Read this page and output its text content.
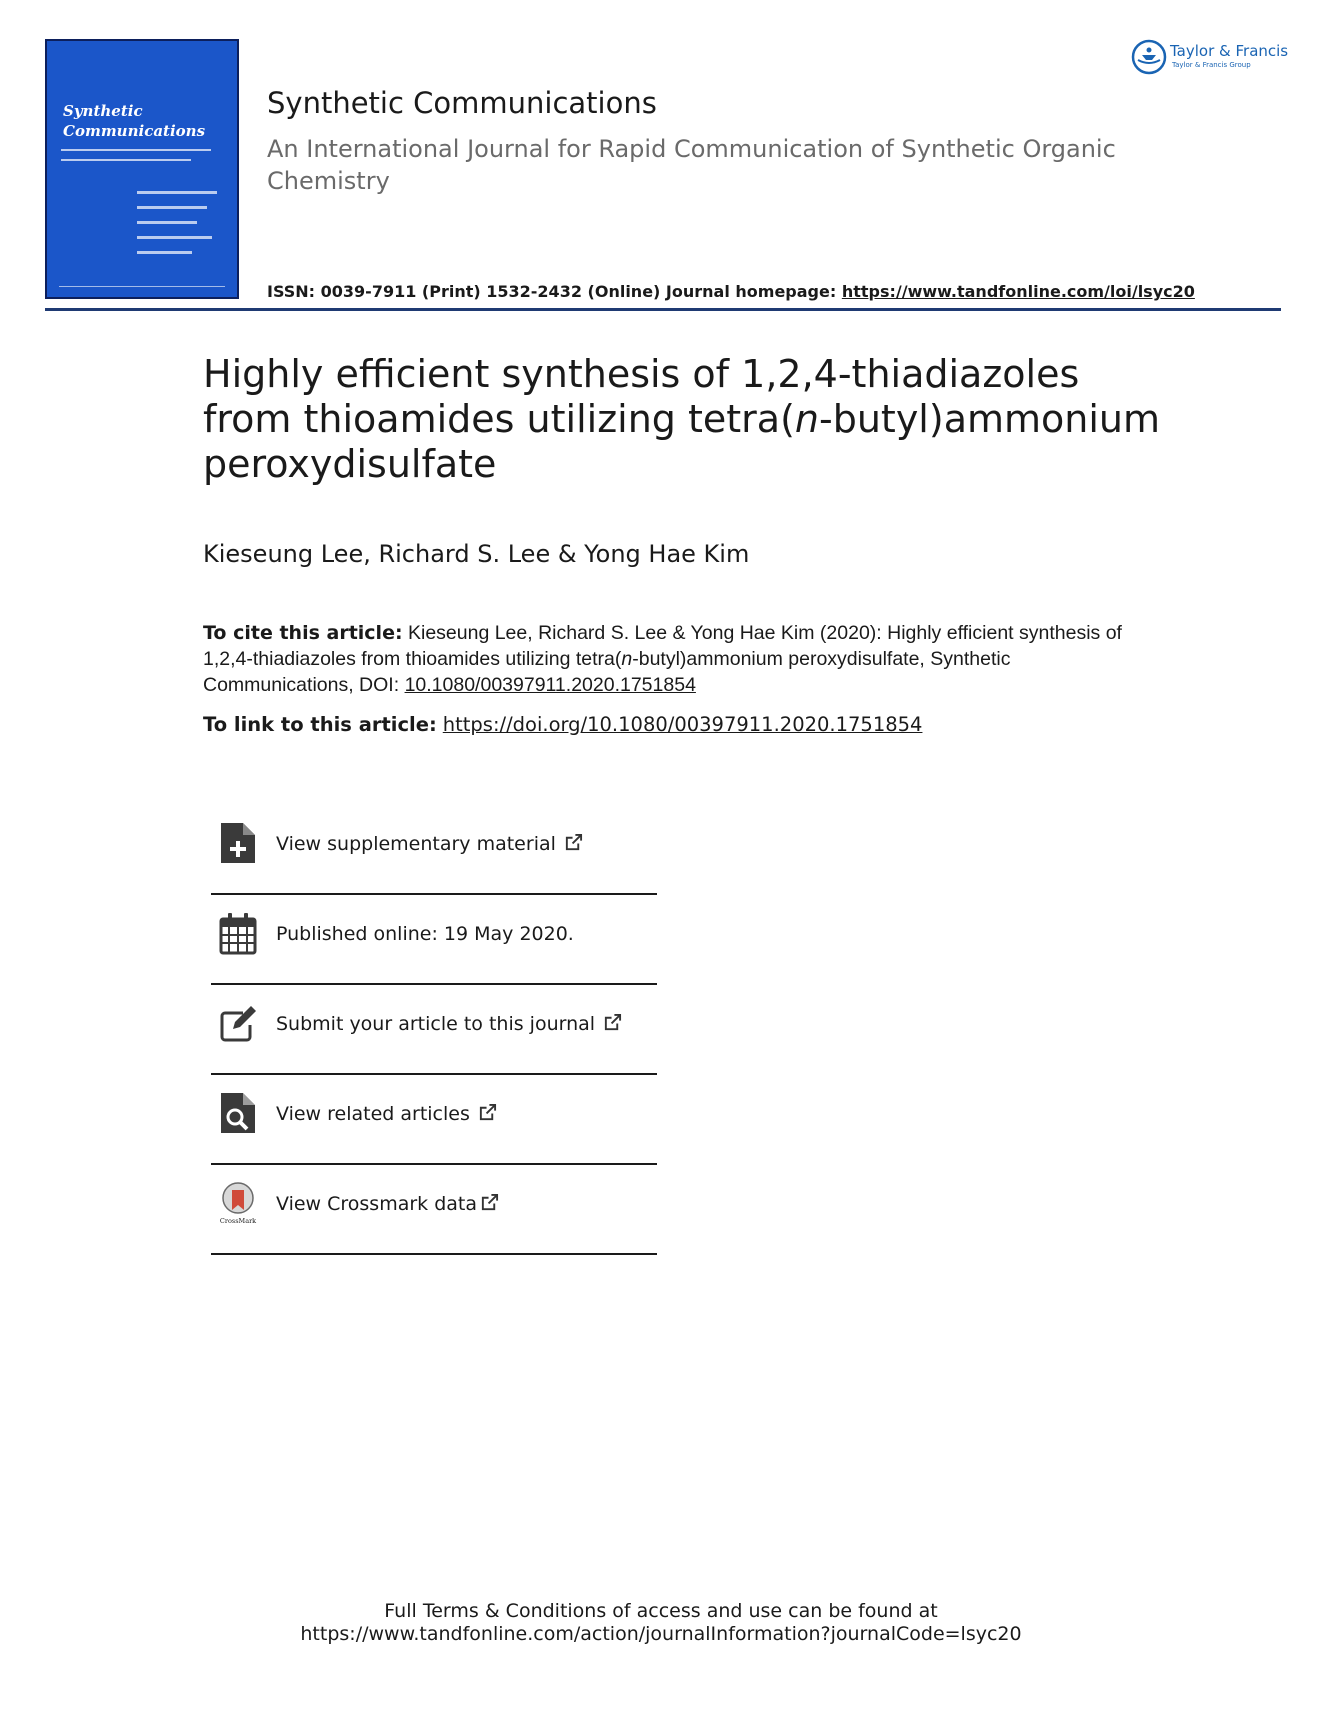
Synthetic
Communications
Taylor & Francis
Taylor & Francis Group
Synthetic Communications
An International Journal for Rapid Communication of Synthetic Organic Chemistry
ISSN: 0039-7911 (Print) 1532-2432 (Online) Journal homepage: https://www.tandfonline.com/loi/lsyc20
Highly efficient synthesis of 1,2,4-thiadiazoles from thioamides utilizing tetra(n-butyl)ammonium peroxydisulfate
Kieseung Lee, Richard S. Lee & Yong Hae Kim
To cite this article: Kieseung Lee, Richard S. Lee & Yong Hae Kim (2020): Highly efficient synthesis of 1,2,4-thiadiazoles from thioamides utilizing tetra(n-butyl)ammonium peroxydisulfate, Synthetic Communications, DOI: 10.1080/00397911.2020.1751854
To link to this article: https://doi.org/10.1080/00397911.2020.1751854
View supplementary material
Published online: 19 May 2020.
Submit your article to this journal
View related articles
CrossMark
View Crossmark data
Full Terms & Conditions of access and use can be found at
https://www.tandfonline.com/action/journalInformation?journalCode=lsyc20
